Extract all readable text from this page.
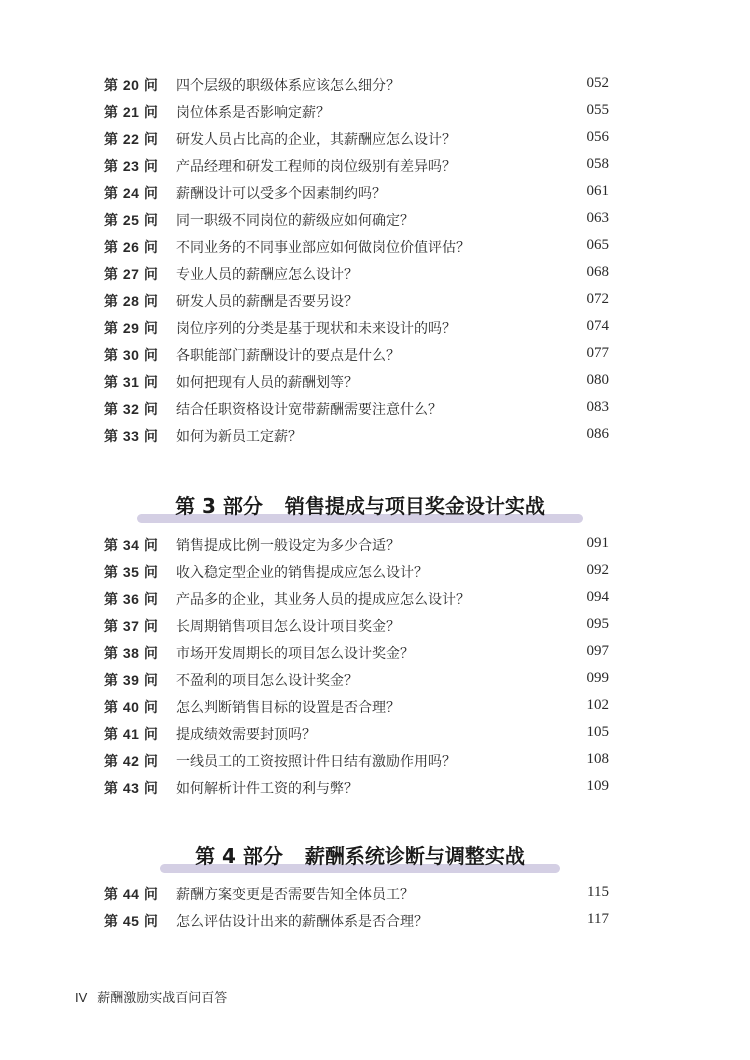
第 20 问 四个层级的职级体系应该怎么细分？	052
第 21 问 岗位体系是否影响定薪？	055
第 22 问 研发人员占比高的企业，其薪酬应怎么设计？	056
第 23 问 产品经理和研发工程师的岗位级别有差异吗？	058
第 24 问 薪酬设计可以受多个因素制约吗？	061
第 25 问 同一职级不同岗位的薪级应如何确定？	063
第 26 问 不同业务的不同事业部应如何做岗位价值评估？	065
第 27 问 专业人员的薪酬应怎么设计？	068
第 28 问 研发人员的薪酬是否要另设？	072
第 29 问 岗位序列的分类是基于现状和未来设计的吗？	074
第 30 问 各职能部门薪酬设计的要点是什么？	077
第 31 问 如何把现有人员的薪酬划等？	080
第 32 问 结合任职资格设计宽带薪酬需要注意什么？	083
第 33 问 如何为新员工定薪？	086
第 3 部分 销售提成与项目奖金设计实战
第 34 问 销售提成比例一般设定为多少合适？	091
第 35 问 收入稳定型企业的销售提成应怎么设计？	092
第 36 问 产品多的企业，其业务人员的提成应怎么设计？	094
第 37 问 长周期销售项目怎么设计项目奖金？	095
第 38 问 市场开发周期长的项目怎么设计奖金？	097
第 39 问 不盈利的项目怎么设计奖金？	099
第 40 问 怎么判断销售目标的设置是否合理？	102
第 41 问 提成绩效需要封顶吗？	105
第 42 问 一线员工的工资按照计件日结有激励作用吗？	108
第 43 问 如何解析计件工资的利与弊？	109
第 4 部分 薪酬系统诊断与调整实战
第 44 问 薪酬方案变更是否需要告知全体员工？	115
第 45 问 怎么评估设计出来的薪酬体系是否合理？	117
IV 薪酬激励实战百问百答
